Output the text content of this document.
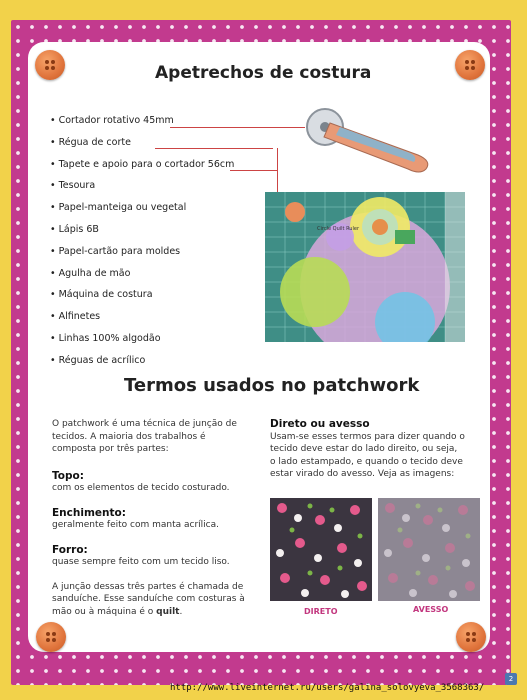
Apetrechos de costura
• Cortador rotativo 45mm
• Régua de corte
• Tapete e apoio para o cortador 56cm
• Tesoura
• Papel-manteiga ou vegetal
• Lápis 6B
• Papel-cartão para moldes
• Agulha de mão
• Máquina de costura
• Alfinetes
• Linhas 100% algodão
• Réguas de acrílico
Circle Quilt Ruler
Termos usados no patchwork

O patchwork é uma técnica de junção de tecidos. A maioria dos trabalhos é composta por três partes:

Topo:

com os elementos de tecido costurado.

Enchimento:

geralmente feito com manta acrílica.

Forro:

quase sempre feito com um tecido liso.

A junção dessas três partes é chamada de sanduíche. Esse sanduíche com costuras à mão ou à máquina é o quilt.

Direto ou avesso

Usam-se esses termos para dizer quando o tecido deve estar do lado direito, ou seja, o lado estampado, e quando o tecido deve estar virado do avesso. Veja as imagens:

DIRETO	AVESSO
2
http://www.liveinternet.ru/users/galina_solovyeva_3568363/
